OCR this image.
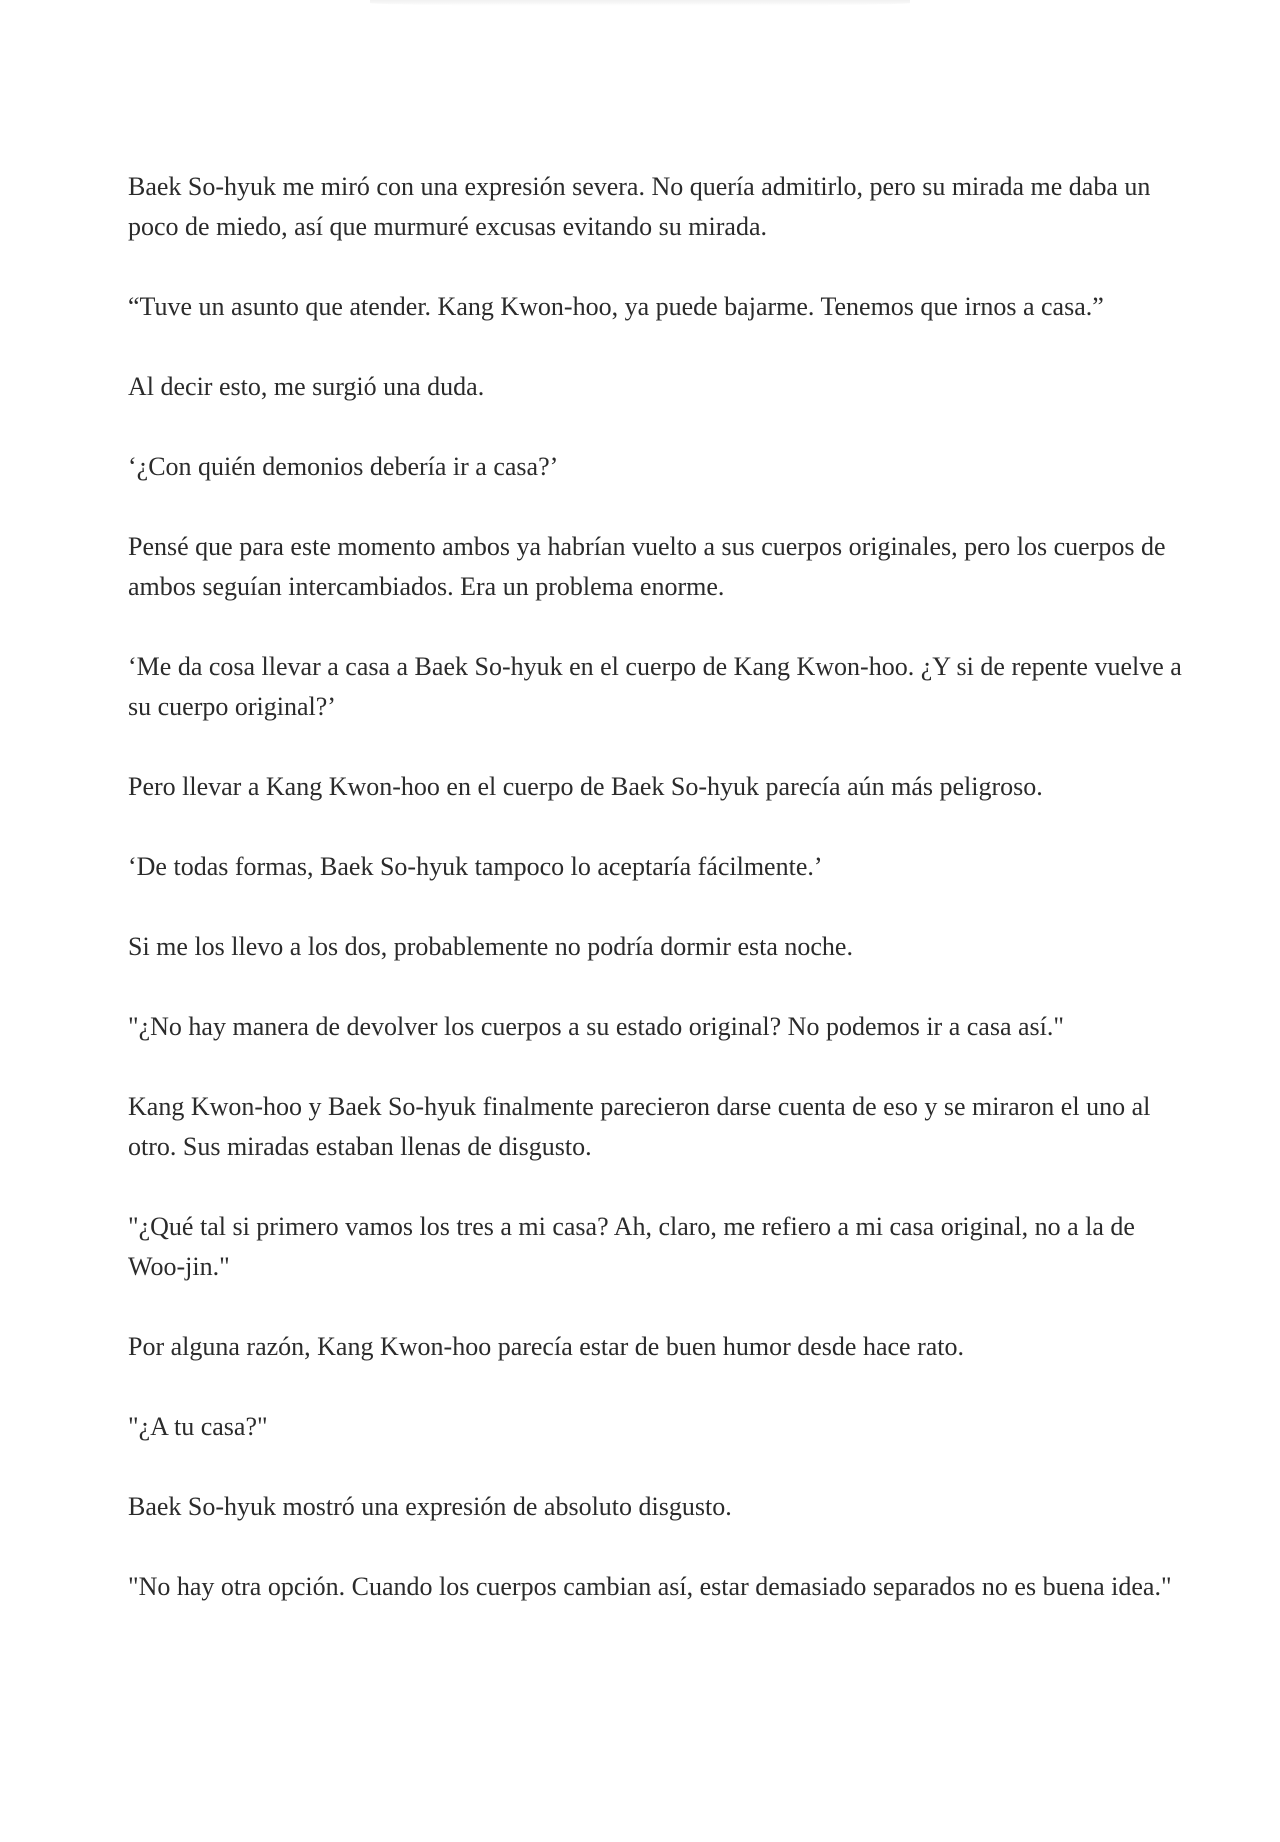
Baek So-hyuk me miró con una expresión severa. No quería admitirlo, pero su mirada me daba un poco de miedo, así que murmuré excusas evitando su mirada.

“Tuve un asunto que atender. Kang Kwon-hoo, ya puede bajarme. Tenemos que irnos a casa.”

Al decir esto, me surgió una duda.

‘¿Con quién demonios debería ir a casa?’

Pensé que para este momento ambos ya habrían vuelto a sus cuerpos originales, pero los cuerpos de ambos seguían intercambiados. Era un problema enorme.

‘Me da cosa llevar a casa a Baek So-hyuk en el cuerpo de Kang Kwon-hoo. ¿Y si de repente vuelve a su cuerpo original?’

Pero llevar a Kang Kwon-hoo en el cuerpo de Baek So-hyuk parecía aún más peligroso.

‘De todas formas, Baek So-hyuk tampoco lo aceptaría fácilmente.’

Si me los llevo a los dos, probablemente no podría dormir esta noche.

"¿No hay manera de devolver los cuerpos a su estado original? No podemos ir a casa así."

Kang Kwon-hoo y Baek So-hyuk finalmente parecieron darse cuenta de eso y se miraron el uno al otro. Sus miradas estaban llenas de disgusto.

"¿Qué tal si primero vamos los tres a mi casa? Ah, claro, me refiero a mi casa original, no a la de Woo-jin."

Por alguna razón, Kang Kwon-hoo parecía estar de buen humor desde hace rato.

"¿A tu casa?"

Baek So-hyuk mostró una expresión de absoluto disgusto.

"No hay otra opción. Cuando los cuerpos cambian así, estar demasiado separados no es buena idea."
